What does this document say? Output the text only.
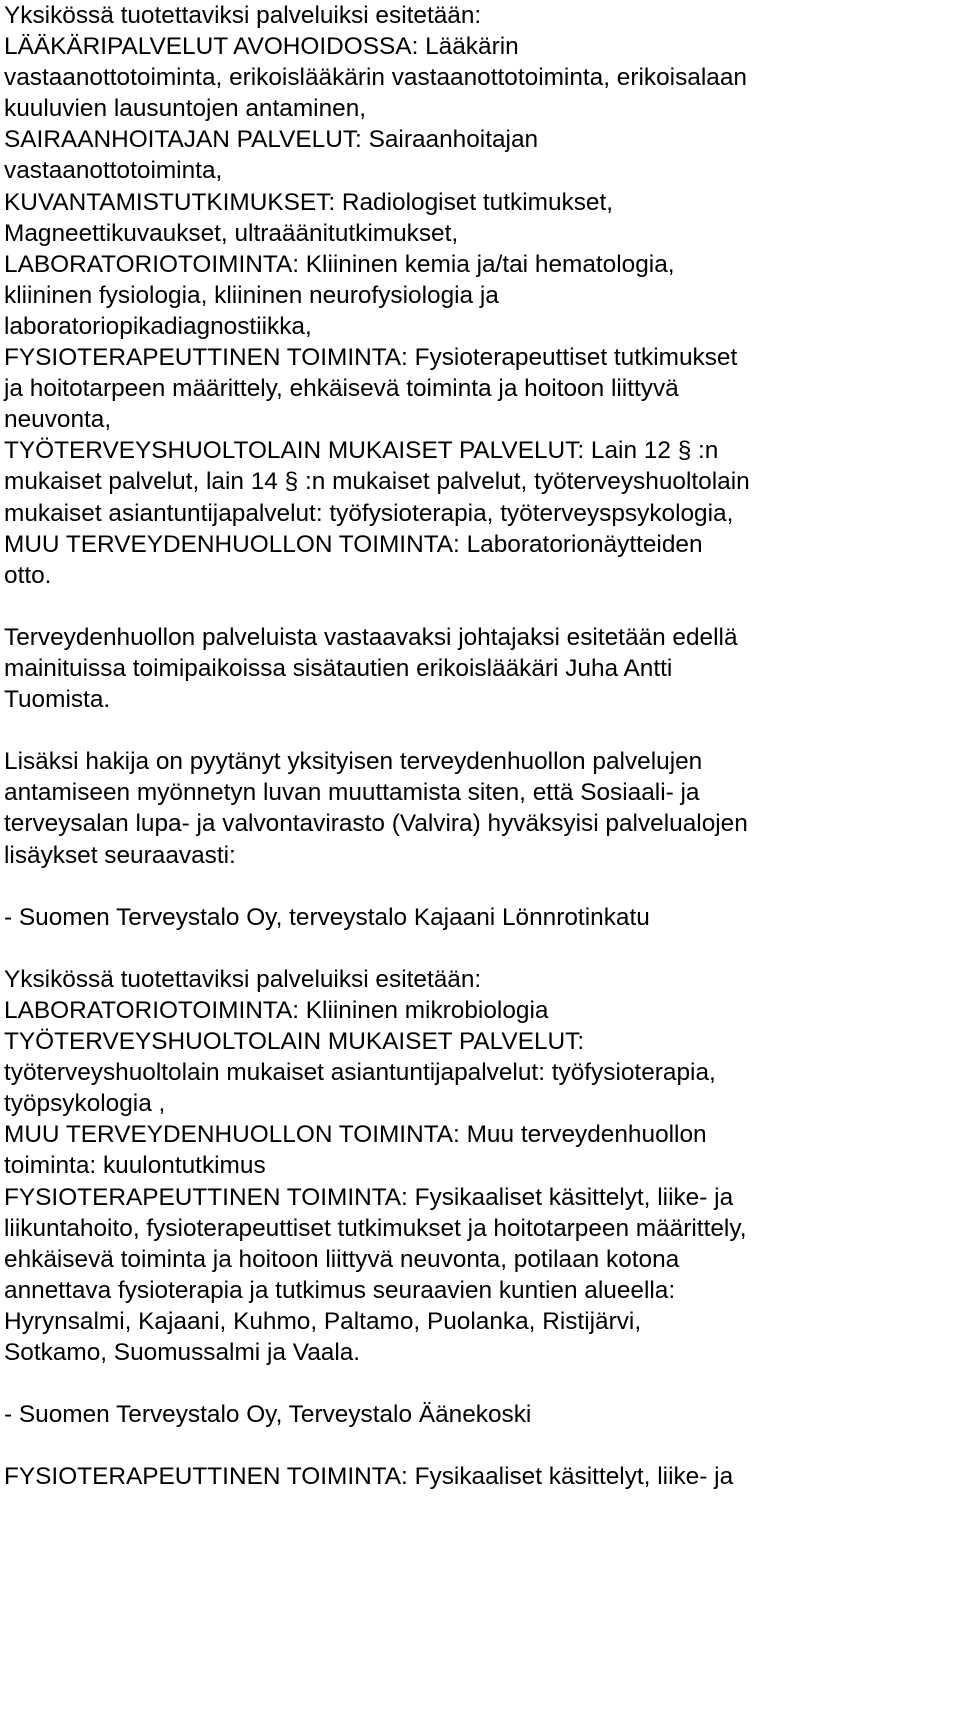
Yksikössä tuotettaviksi palveluiksi esitetään:

LÄÄKÄRIPALVELUT AVOHOIDOSSA: Lääkärin

vastaanottotoiminta, erikoislääkärin vastaanottotoiminta, erikoisalaan

kuuluvien lausuntojen antaminen,

SAIRAANHOITAJAN PALVELUT: Sairaanhoitajan

vastaanottotoiminta,

KUVANTAMISTUTKIMUKSET: Radiologiset tutkimukset,

Magneettikuvaukset, ultraäänitutkimukset,

LABORATORIOTOIMINTA: Kliininen kemia ja/tai hematologia,

kliininen fysiologia, kliininen neurofysiologia ja

laboratoriopikadiagnostiikka,

FYSIOTERAPEUTTINEN TOIMINTA: Fysioterapeuttiset tutkimukset

ja hoitotarpeen määrittely, ehkäisevä toiminta ja hoitoon liittyvä

neuvonta,

TYÖTERVEYSHUOLTOLAIN MUKAISET PALVELUT: Lain 12 § :n

mukaiset palvelut, lain 14 § :n mukaiset palvelut, työterveyshuoltolain

mukaiset asiantuntijapalvelut: työfysioterapia, työterveyspsykologia,

MUU TERVEYDENHUOLLON TOIMINTA: Laboratorionäytteiden

otto.

Terveydenhuollon palveluista vastaavaksi johtajaksi esitetään edellä

mainituissa toimipaikoissa sisätautien erikoislääkäri Juha Antti

Tuomista.

Lisäksi hakija on pyytänyt yksityisen terveydenhuollon palvelujen

antamiseen myönnetyn luvan muuttamista siten, että Sosiaali- ja

terveysalan lupa- ja valvontavirasto (Valvira) hyväksyisi palvelualojen

lisäykset seuraavasti:

- Suomen Terveystalo Oy, terveystalo Kajaani Lönnrotinkatu

Yksikössä tuotettaviksi palveluiksi esitetään:

LABORATORIOTOIMINTA: Kliininen mikrobiologia

TYÖTERVEYSHUOLTOLAIN MUKAISET PALVELUT:

työterveyshuoltolain mukaiset asiantuntijapalvelut: työfysioterapia,

työpsykologia ,

MUU TERVEYDENHUOLLON TOIMINTA: Muu terveydenhuollon

toiminta: kuulontutkimus

FYSIOTERAPEUTTINEN TOIMINTA: Fysikaaliset käsittelyt, liike- ja

liikuntahoito, fysioterapeuttiset tutkimukset ja hoitotarpeen määrittely,

ehkäisevä toiminta ja hoitoon liittyvä neuvonta, potilaan kotona

annettava fysioterapia ja tutkimus seuraavien kuntien alueella:

Hyrynsalmi, Kajaani, Kuhmo, Paltamo, Puolanka, Ristijärvi,

Sotkamo, Suomussalmi ja Vaala.

- Suomen Terveystalo Oy, Terveystalo Äänekoski

FYSIOTERAPEUTTINEN TOIMINTA: Fysikaaliset käsittelyt, liike- ja
